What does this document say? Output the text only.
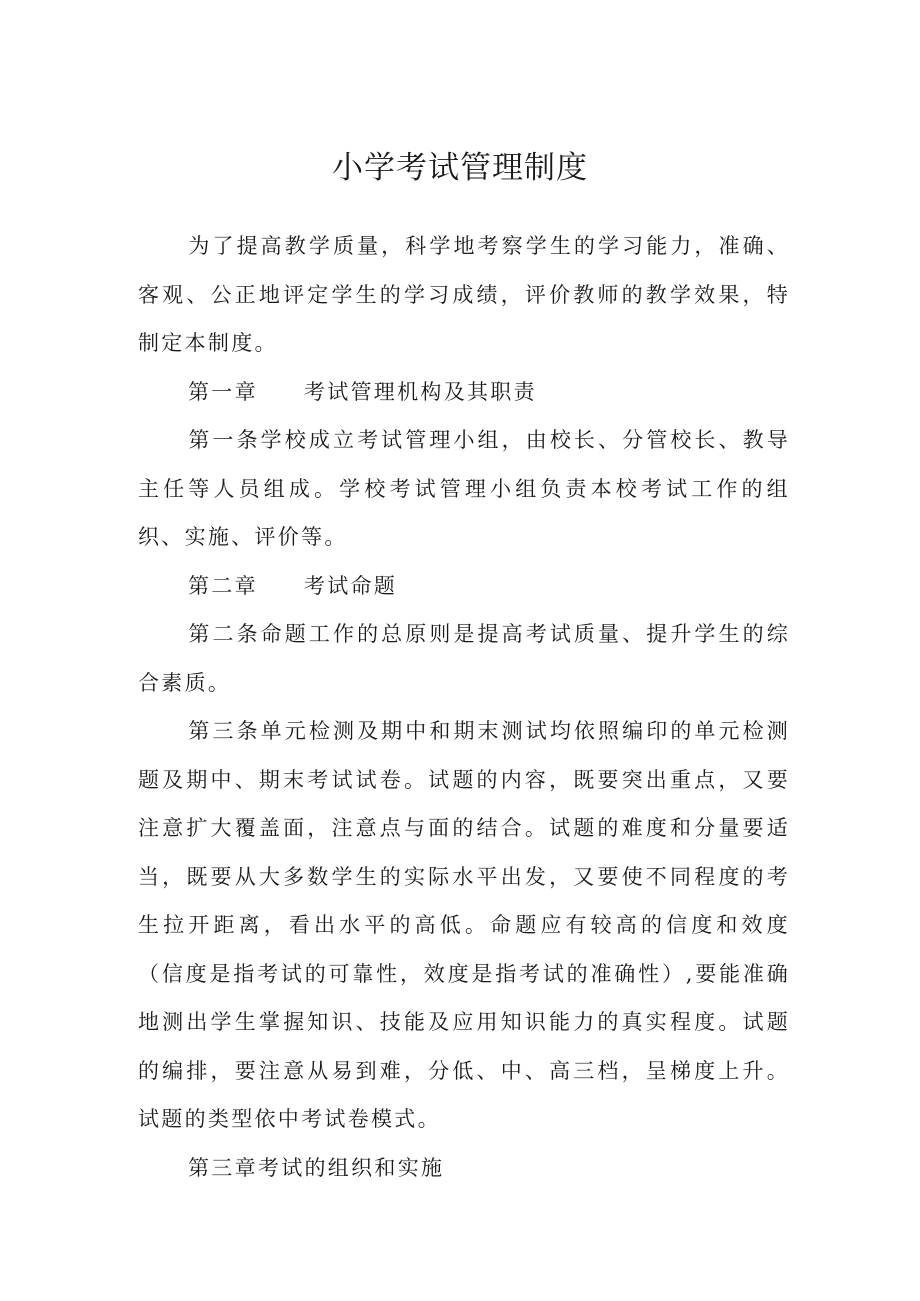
小学考试管理制度

为了提高教学质量，科学地考察学生的学习能力，准确、客观、公正地评定学生的学习成绩，评价教师的教学效果，特制定本制度。

第一章 考试管理机构及其职责

第一条学校成立考试管理小组，由校长、分管校长、教导主任等人员组成。学校考试管理小组负责本校考试工作的组织、实施、评价等。

第二章 考试命题

第二条命题工作的总原则是提高考试质量、提升学生的综合素质。

第三条单元检测及期中和期末测试均依照编印的单元检测题及期中、期末考试试卷。试题的内容，既要突出重点，又要注意扩大覆盖面，注意点与面的结合。试题的难度和分量要适当，既要从大多数学生的实际水平出发，又要使不同程度的考生拉开距离，看出水平的高低。命题应有较高的信度和效度（信度是指考试的可靠性，效度是指考试的准确性）,要能准确地测出学生掌握知识、技能及应用知识能力的真实程度。试题的编排，要注意从易到难，分低、中、高三档，呈梯度上升。试题的类型依中考试卷模式。

第三章考试的组织和实施
